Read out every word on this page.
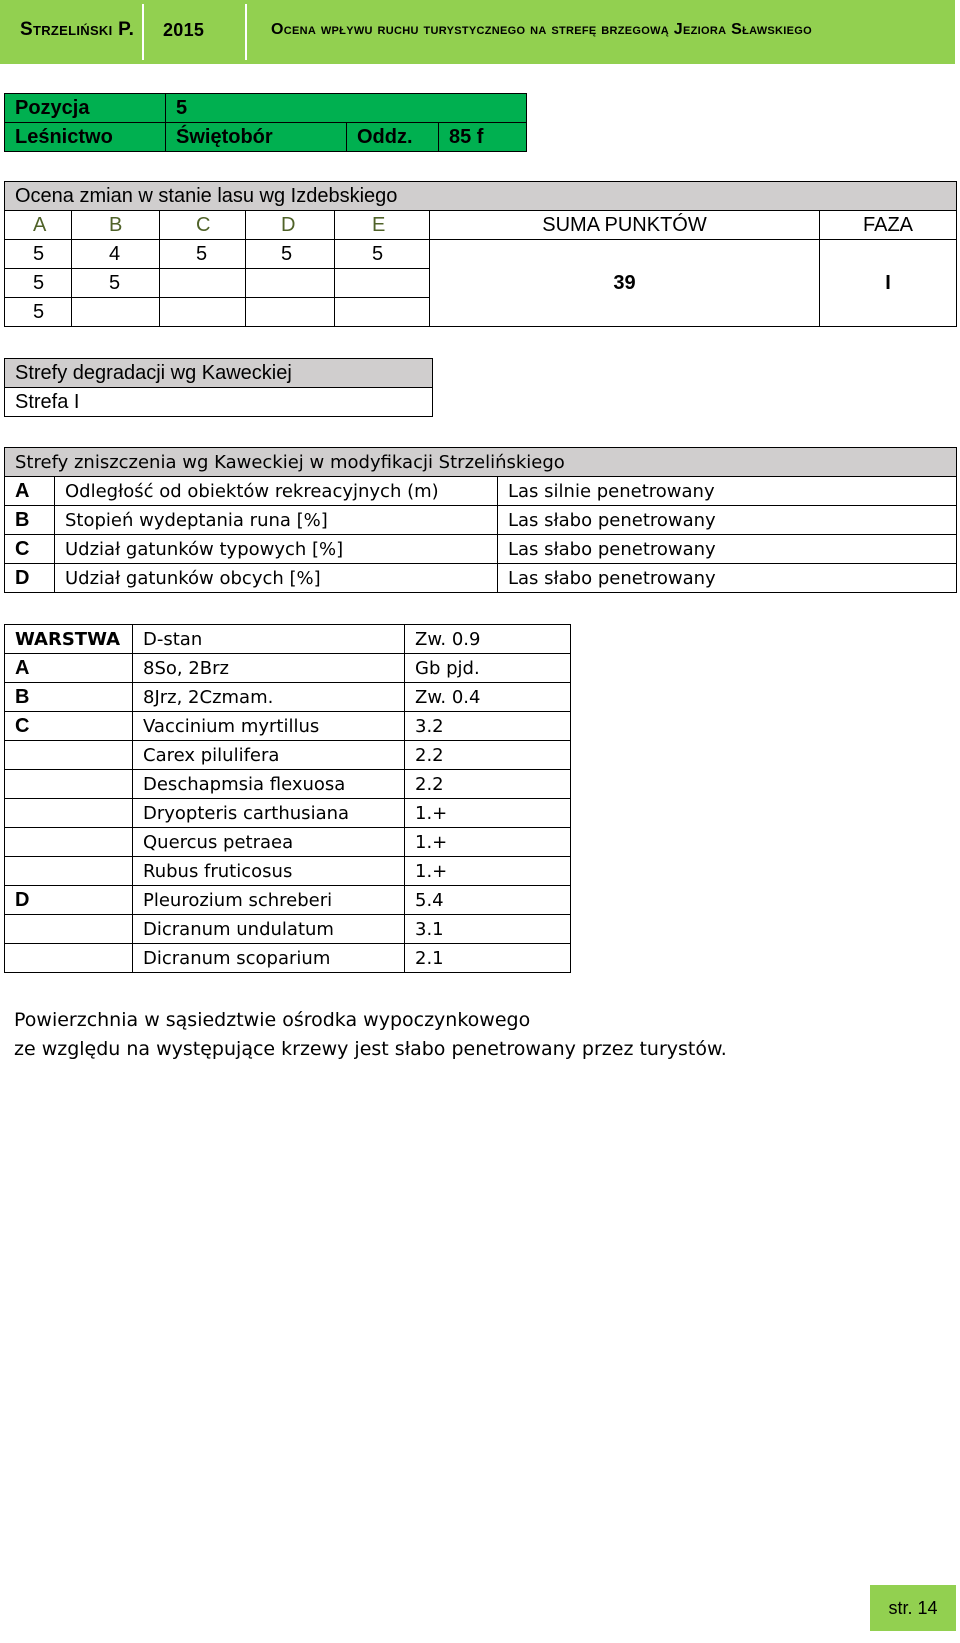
Strzeliński P. 2015	Ocena wpływu ruchu turystycznego na strefę brzegową Jeziora Sławskiego
Pozycja	5		
Leśnictwo	Świętobór	Oddz.	85 f
Ocena zmian w stanie lasu wg Izdebskiego						
A	B	C	D	E	SUMA PUNKTÓW	FAZA
5	4	5	5	5	39	I
5	5					
5						
Strefy degradacji wg Kaweckiej
Strefa I
Strefy zniszczenia wg Kaweckiej w modyfikacji Strzelińskiego		
A	Odległość od obiektów rekreacyjnych (m)	Las silnie penetrowany
B	Stopień wydeptania runa [%]	Las słabo penetrowany
C	Udział gatunków typowych [%]	Las słabo penetrowany
D	Udział gatunków obcych [%]	Las słabo penetrowany
WARSTWA	D-stan	Zw. 0.9
A	8So, 2Brz	Gb pjd.
B	8Jrz, 2Czmam.	Zw. 0.4
C	Vaccinium myrtillus	3.2
	Carex pilulifera	2.2
	Deschapmsia flexuosa	2.2
	Dryopteris carthusiana	1.+
	Quercus petraea	1.+
	Rubus fruticosus	1.+
D	Pleurozium schreberi	5.4
	Dicranum undulatum	3.1
	Dicranum scoparium	2.1
Powierzchnia w sąsiedztwie ośrodka wypoczynkowego
ze względu na występujące krzewy jest słabo penetrowany przez turystów.
str. 14
